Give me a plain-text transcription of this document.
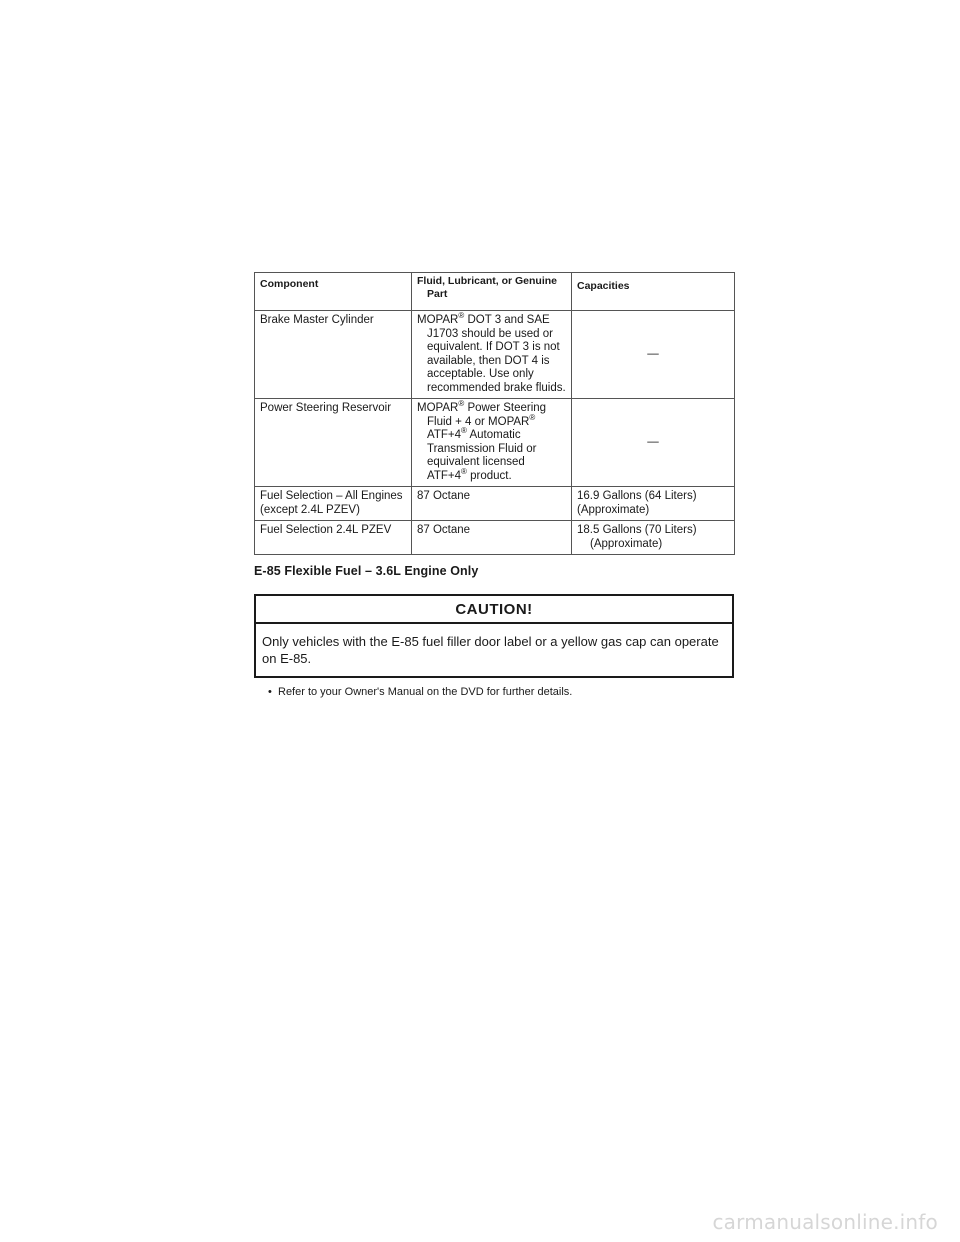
Component	Fluid, Lubricant, or Genuine Part	Capacities
Brake Master Cylinder	MOPAR® DOT 3 and SAE J1703 should be used or equivalent. If DOT 3 is not available, then DOT 4 is acceptable. Use only recommended brake fluids.	—
Power Steering Reservoir	MOPAR® Power Steering Fluid + 4 or MOPAR® ATF+4® Automatic Transmission Fluid or equivalent licensed ATF+4® product.	—
Fuel Selection – All Engines (except 2.4L PZEV)	87 Octane	16.9 Gallons (64 Liters)
(Approximate)
Fuel Selection 2.4L PZEV	87 Octane	18.5 Gallons (70 Liters)
(Approximate)
E-85 Flexible Fuel – 3.6L Engine Only
CAUTION!
Only vehicles with the E-85 fuel filler door label or a yellow gas cap can operate on E-85.
• Refer to your Owner's Manual on the DVD for further details.
carmanualsonline.info
